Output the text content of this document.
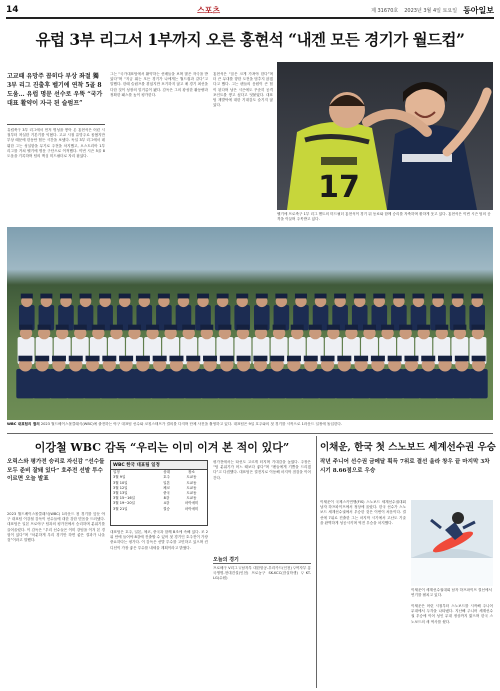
14	스포츠	제 31670호 2023년 3월 4일 토요일 동아일보
유럽 3부 리그서 1부까지 오른 홍현석 “내겐 모든 경기가 월드컵”
고교때 유망주 꼽히다 부상 좌절 獨 3부 리그 진출후 벨기에 연착 5골 8도움… 유럽 명문 선수로 우뚝 “국가대표 활약이 자극 된 슬럼프”
유럽축구 3부 리그에서 먼저 명성을 쌓아 온 홍현석은 어린 시절부터 착실한 기본기를 익혔다. 고교 시절 유망주로 꼽혔지만 부상 때문에 한동안 힘든 시간을 보냈다. 독일 3부 리그에서 데뷔한 그는 성실함을 무기로 주전을 차지했고, 오스트리아 1부 리그를 거쳐 벨기에 명문 구단으로 이적했다. 이번 시즌 5골 8도움을 기록하며 팀의 핵심 미드필더로 자리 잡았다.
그는 “국가대표팀에서 활약하는 선배들을 보며 많은 자극을 받았다”며 “지금 뛰는 모든 경기가 나에게는 월드컵과 같다”고 말했다. 한때 슬럼프를 겪었지만 포기하지 않고 매 경기 최선을 다한 것이 성장의 밑거름이 됐다. 감독은 그의 왕성한 활동량과 정확한 패스를 높이 평가한다.
홍현석은 “꿈은 크게 가져야 한다”며 더 큰 무대를 향한 도전을 멈추지 않겠다고 했다. 그는 팬들의 응원이 큰 힘이 된다며 남은 시즌에도 꾸준히 공격 포인트를 쌓고 싶다고 덧붙였다. 대표팀 재발탁에 대한 기대감도 숨기지 않았다.
17
벨기에 프로축구 1부 리그 헨트의 미드필더 홍현석이 경기 뒤 동료와 함께 승리를 자축하며 환하게 웃고 있다. 홍현석은 이번 시즌 팀의 공격을 이끌며 주목받고 있다.
WBC 대표팀의 결의 2023 월드베이스볼클래식(WBC)에 출전하는 야구 대표팀 선수와 코칭스태프가 결의를 다지며 단체 사진을 촬영하고 있다. 대표팀은 9일 호주와의 첫 경기를 시작으로 1라운드 일정에 돌입한다.
이강철 WBC 감독 “우리는 이미 이겨 본 적이 있다”
오릭스와 평가전 승리로 자신감 “선수들 모두 준비 잘돼 있다” 호주전 선발 투수 이르면 오늘 발표
2023 월드베이스볼클래식(WBC) 1라운드 첫 경기를 앞둔 야구 대표팀 이강철 감독이 선수들에 대한 강한 믿음을 드러냈다. 대표팀은 일본 프로야구 팀과의 평가전에서 승리하며 분위기를 끌어올렸다. 이 감독은 “우리 선수들은 이미 강팀을 이겨 본 경험이 있다”며 “차분하게 우리 경기만 하면 좋은 결과가 나올 것”이라고 말했다.
WBC 한국 대표팀 일정
일정	상대	장소
3월 9일	호주	도쿄돔
3월 10일	일본	도쿄돔
3월 12일	체코	도쿄돔
3월 13일	중국	도쿄돔
3월 15~16일	8강	도쿄돔
3월 19~20일	4강	마이애미
3월 21일	결승	마이애미
대표팀은 호주, 일본, 체코, 중국과 함께 B조에 속해 있다. 조 2위 안에 들어야 8강에 진출할 수 있어 첫 경기인 호주전이 가장 중요하다는 평가다. 이 감독은 선발 투수를 고민하고 있으며 컨디션이 가장 좋은 투수를 내세울 계획이라고 밝혔다.
평가전에서는 타선도 고르게 터지며 기대감을 높였다. 주장은 “팀 분위기가 어느 때보다 좋다”며 “팬들에게 기쁨을 드리겠다”고 다짐했다. 대표팀은 결전지로 이동해 마지막 점검을 이어간다.
오늘의 경기
프로배구 V리그 ▽남자부 대한항공-우리카드(인천) ▽여자부 흥국생명-현대건설(인천) 프로농구 SK-KCC(잠실학생) ▽KT-LG(수원)
이채운, 한국 첫 스노보드 세계선수권 우승
작년 주니어 선수권 금메달 획득 7위로 결선 올라 창우 끝 마지막 3차 시기 8.66점으로 우승
이채운이 국제스키연맹(FIS) 스노보드 세계선수권대회 남자 하프파이프에서 정상에 올랐다. 한국 선수가 스노보드 세계선수권에서 우승한 것은 이번이 처음이다. 결선에 7위로 진출한 그는 마지막 시기에서 고난도 기술을 완벽하게 성공시키며 역전 우승을 차지했다.
이채운이 세계선수권대회 남자 하프파이프 결선에서 연기를 펼치고 있다.
이채운은 어린 시절부터 스노보드를 시작해 주니어 무대에서 두각을 나타냈다. 지난해 주니어 세계선수권 우승에 이어 성인 무대 정상까지 밟으며 한국 스노보드의 새 역사를 썼다.
